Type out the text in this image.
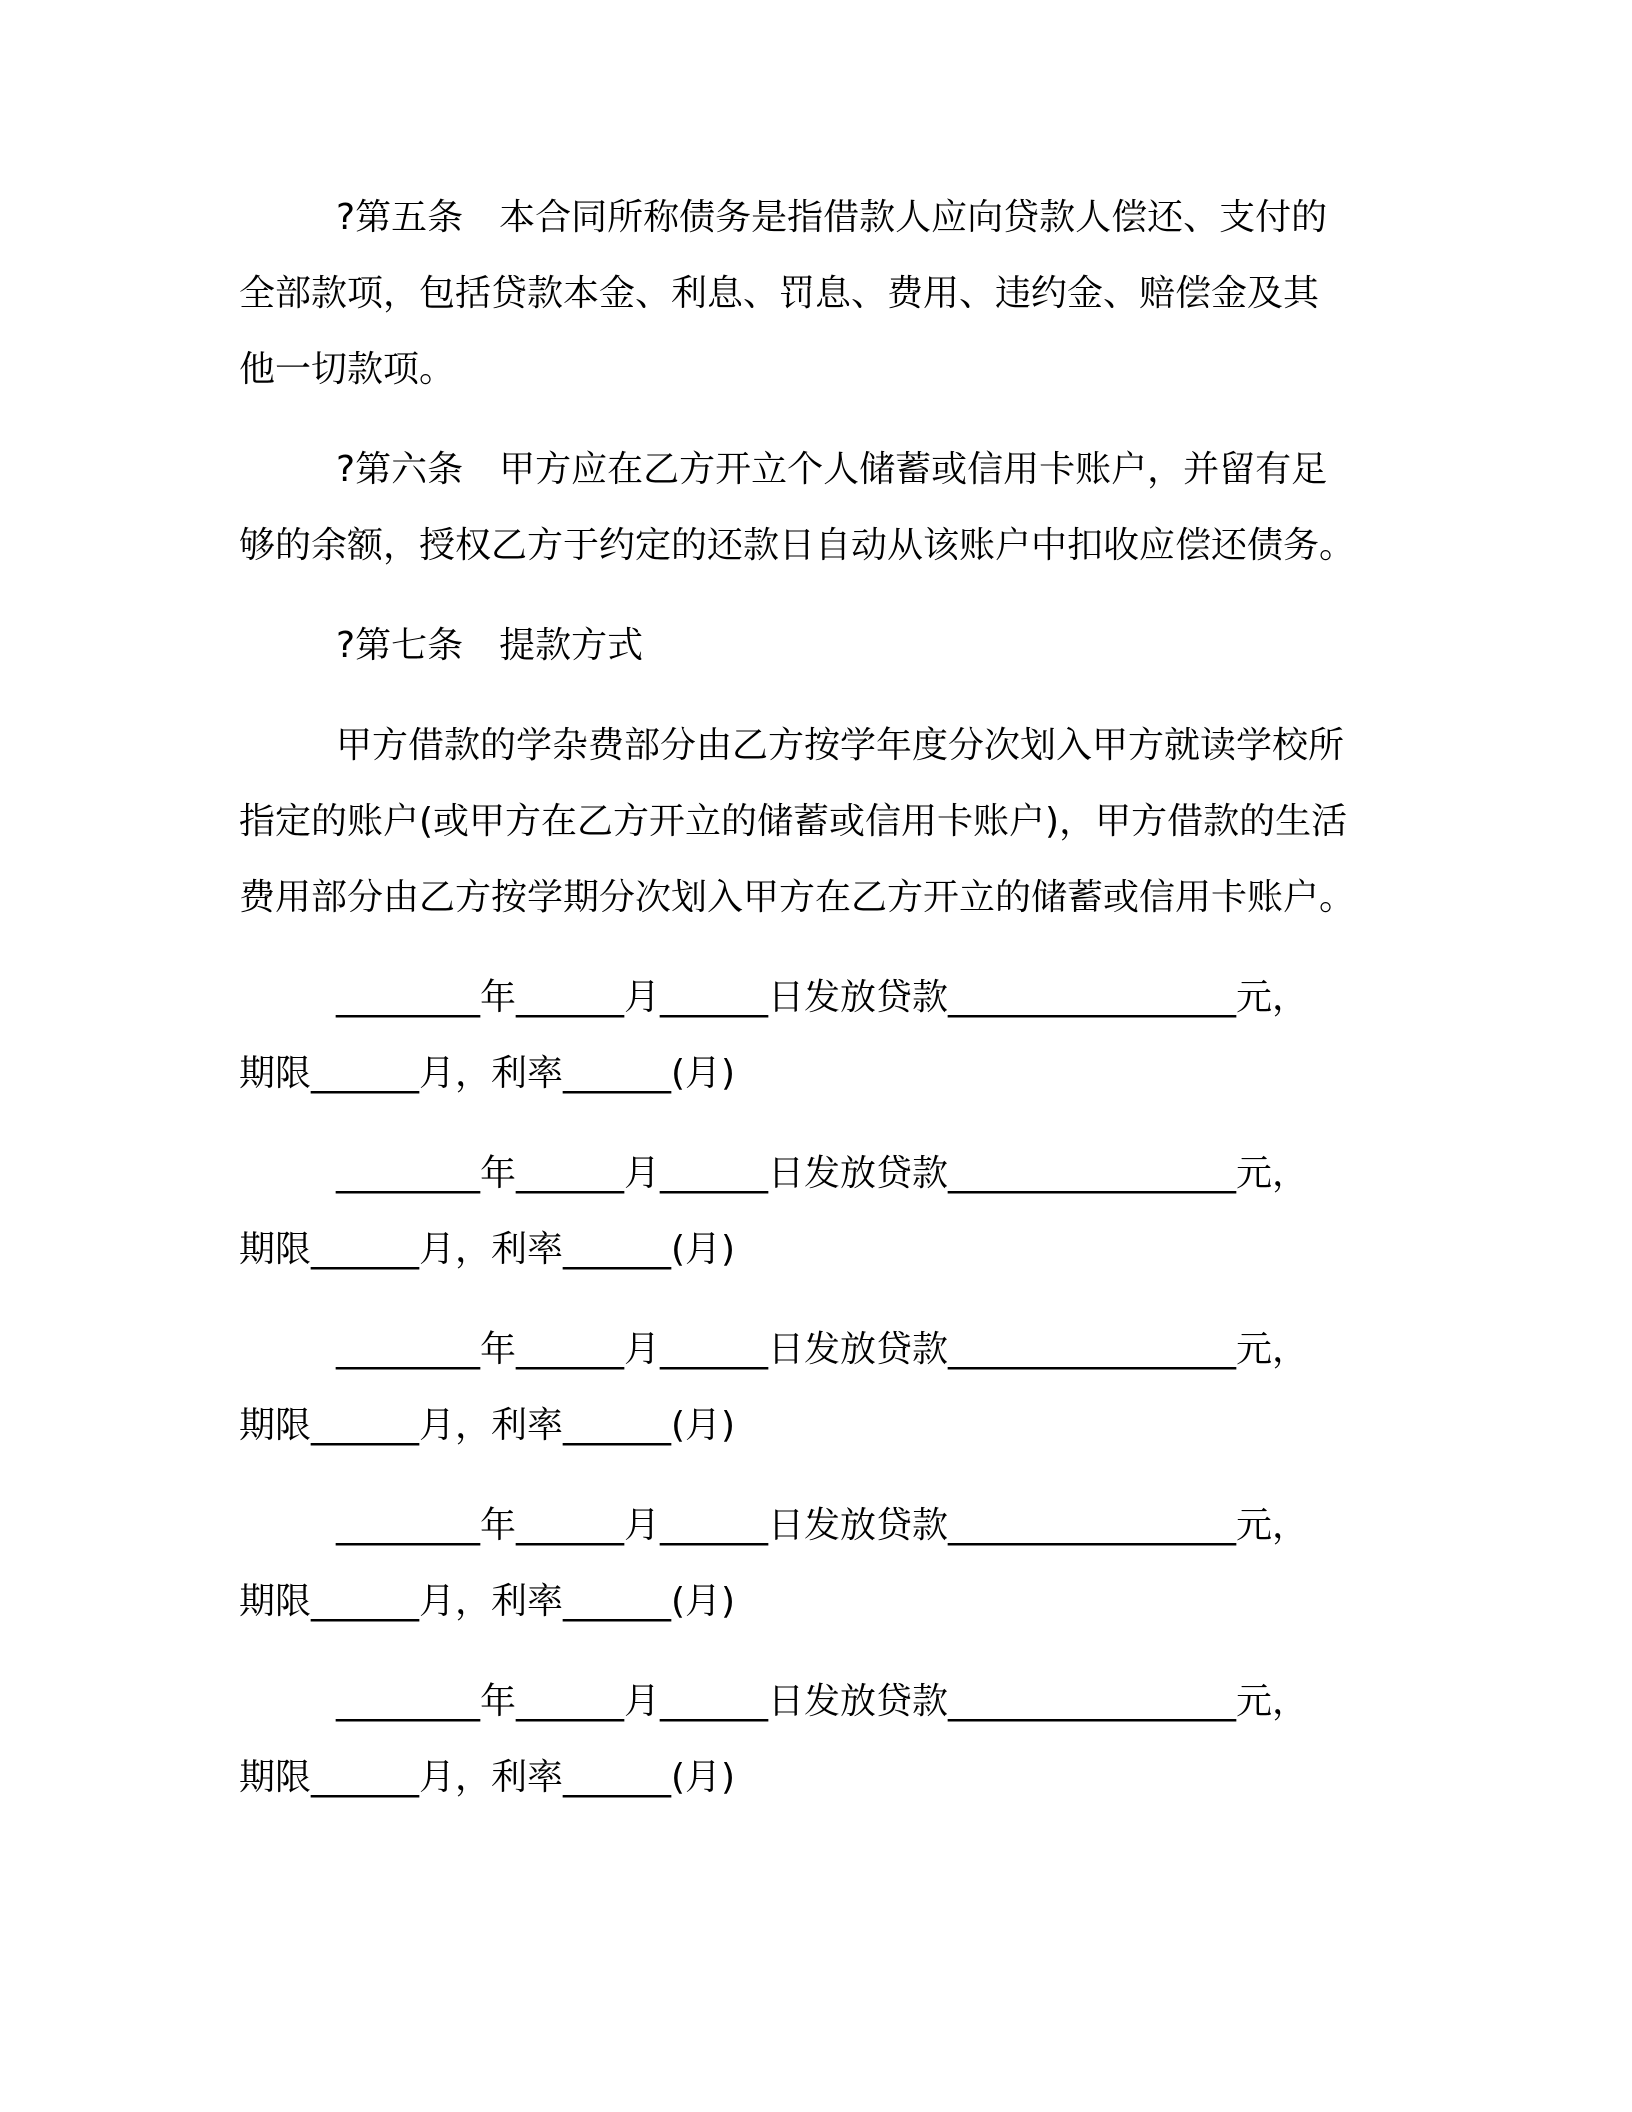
?第五条　本合同所称债务是指借款人应向贷款人偿还、支付的

全部款项，包括贷款本金、利息、罚息、费用、违约金、赔偿金及其

他一切款项。

?第六条　甲方应在乙方开立个人储蓄或信用卡账户，并留有足

够的余额，授权乙方于约定的还款日自动从该账户中扣收应偿还债务。

?第七条　提款方式

甲方借款的学杂费部分由乙方按学年度分次划入甲方就读学校所

指定的账户(或甲方在乙方开立的储蓄或信用卡账户)，甲方借款的生活

费用部分由乙方按学期分次划入甲方在乙方开立的储蓄或信用卡账户。

________年______月______日发放贷款________________元，

期限______月，利率______(月)

________年______月______日发放贷款________________元，

期限______月，利率______(月)

________年______月______日发放贷款________________元，

期限______月，利率______(月)

________年______月______日发放贷款________________元，

期限______月，利率______(月)

________年______月______日发放贷款________________元，

期限______月，利率______(月)
